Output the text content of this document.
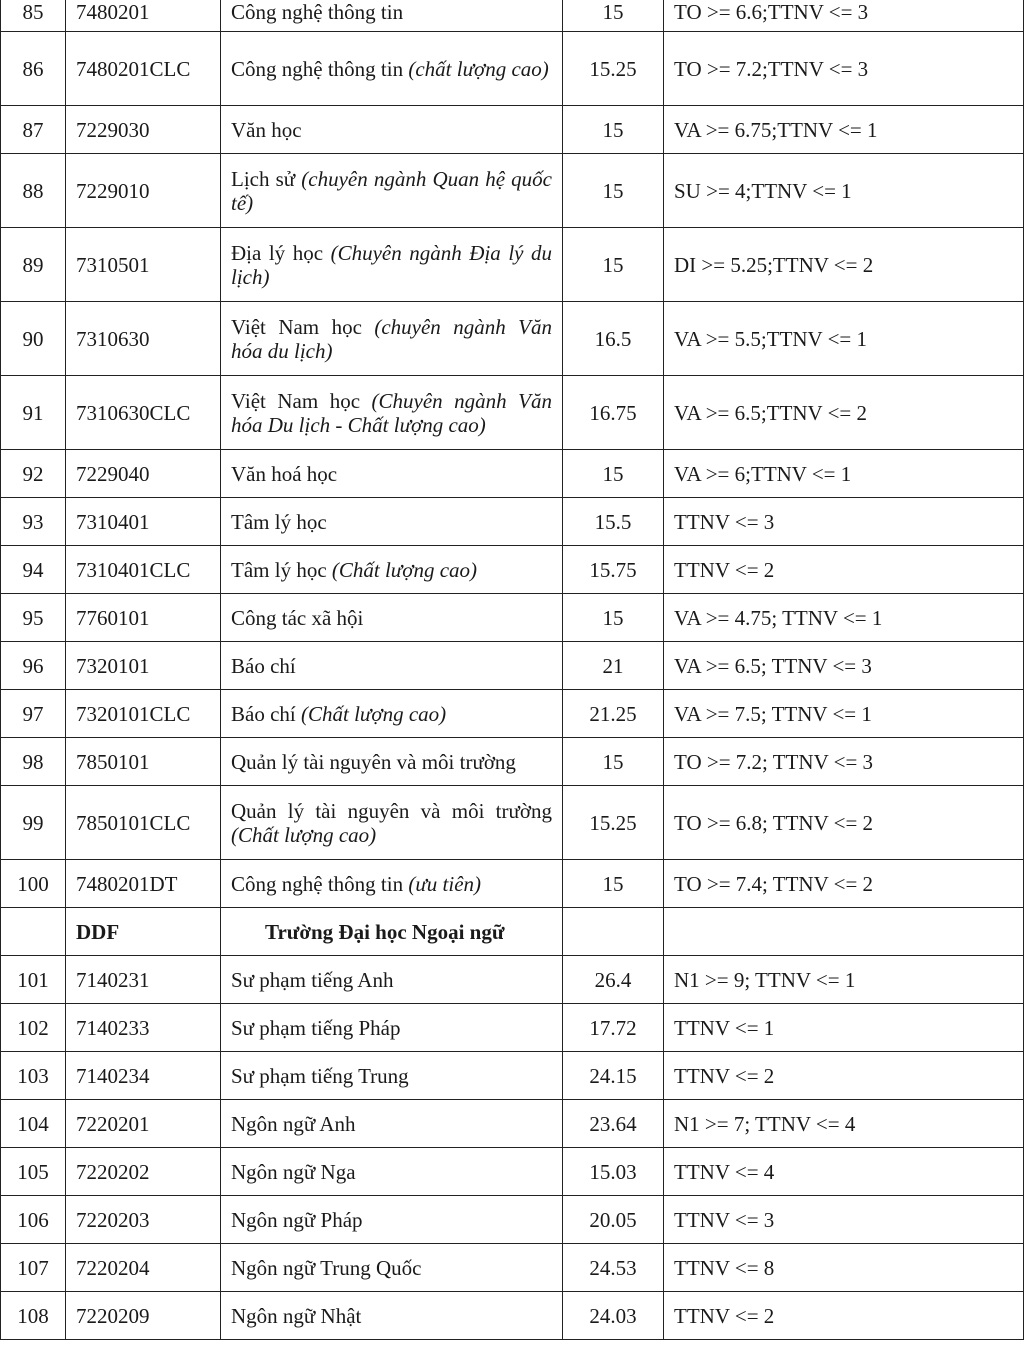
85	7480201	Công nghệ thông tin	15	TO >= 6.6;TTNV <= 3
86	7480201CLC	Công nghệ thông tin (chất lượng cao)	15.25	TO >= 7.2;TTNV <= 3
87	7229030	Văn học	15	VA >= 6.75;TTNV <= 1
88	7229010	Lịch sử (chuyên ngành Quan hệ quốc tế)	15	SU >= 4;TTNV <= 1
89	7310501	Địa lý học (Chuyên ngành Địa lý du lịch)	15	DI >= 5.25;TTNV <= 2
90	7310630	Việt Nam học (chuyên ngành Văn hóa du lịch)	16.5	VA >= 5.5;TTNV <= 1
91	7310630CLC	Việt Nam học (Chuyên ngành Văn hóa Du lịch - Chất lượng cao)	16.75	VA >= 6.5;TTNV <= 2
92	7229040	Văn hoá học	15	VA >= 6;TTNV <= 1
93	7310401	Tâm lý học	15.5	TTNV <= 3
94	7310401CLC	Tâm lý học (Chất lượng cao)	15.75	TTNV <= 2
95	7760101	Công tác xã hội	15	VA >= 4.75; TTNV <= 1
96	7320101	Báo chí	21	VA >= 6.5; TTNV <= 3
97	7320101CLC	Báo chí (Chất lượng cao)	21.25	VA >= 7.5; TTNV <= 1
98	7850101	Quản lý tài nguyên và môi trường	15	TO >= 7.2; TTNV <= 3
99	7850101CLC	Quản lý tài nguyên và môi trường (Chất lượng cao)	15.25	TO >= 6.8; TTNV <= 2
100	7480201DT	Công nghệ thông tin (ưu tiên)	15	TO >= 7.4; TTNV <= 2
	DDF	Trường Đại học Ngoại ngữ		
101	7140231	Sư phạm tiếng Anh	26.4	N1 >= 9; TTNV <= 1
102	7140233	Sư phạm tiếng Pháp	17.72	TTNV <= 1
103	7140234	Sư phạm tiếng Trung	24.15	TTNV <= 2
104	7220201	Ngôn ngữ Anh	23.64	N1 >= 7; TTNV <= 4
105	7220202	Ngôn ngữ Nga	15.03	TTNV <= 4
106	7220203	Ngôn ngữ Pháp	20.05	TTNV <= 3
107	7220204	Ngôn ngữ Trung Quốc	24.53	TTNV <= 8
108	7220209	Ngôn ngữ Nhật	24.03	TTNV <= 2
